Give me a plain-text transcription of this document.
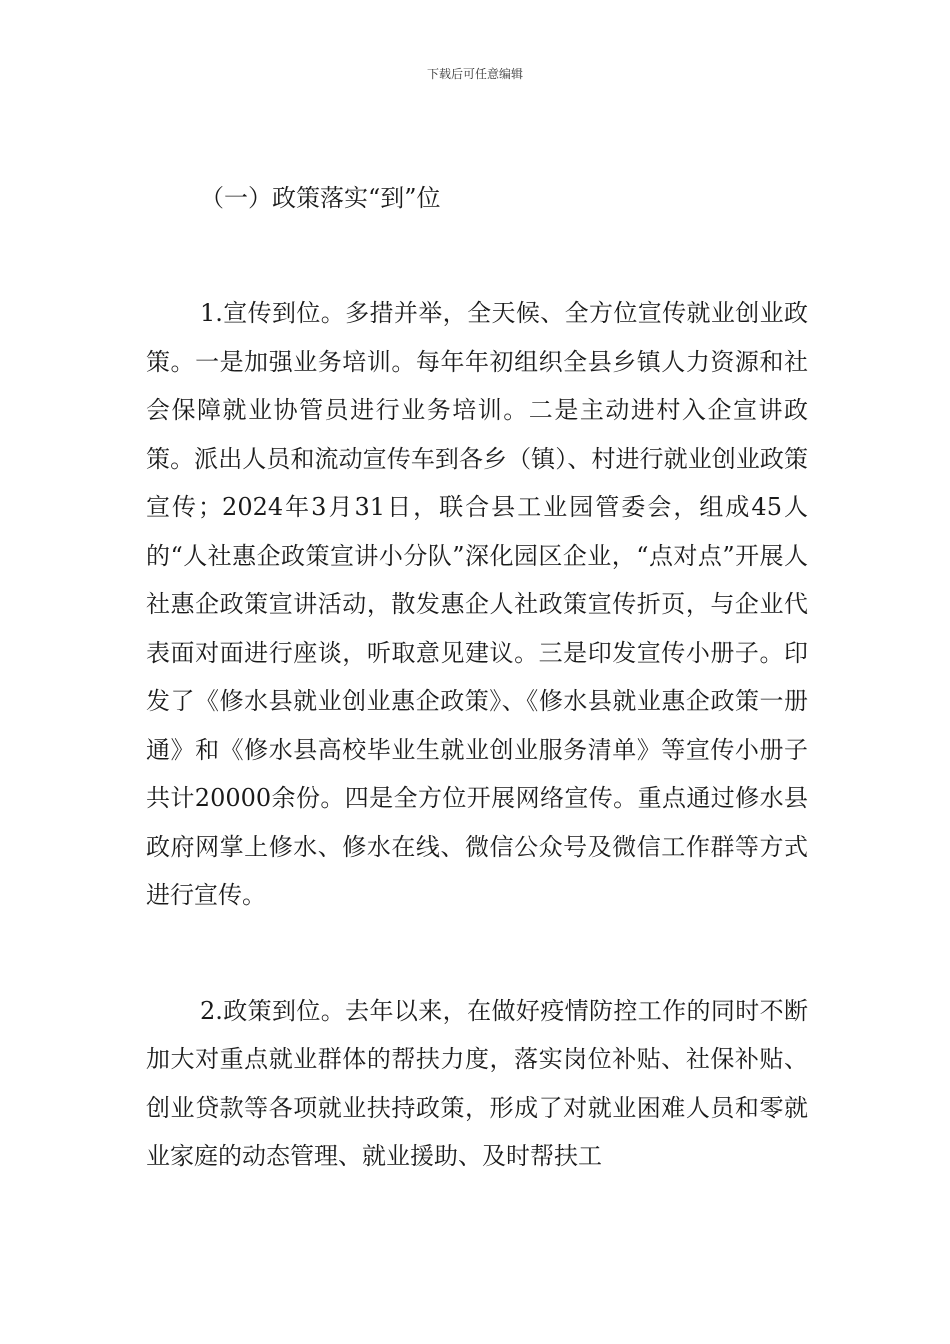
下载后可任意编辑
（一）政策落实“到”位

1.宣传到位。多措并举，全天候、全方位宣传就业创业政策。一是加强业务培训。每年年初组织全县乡镇人力资源和社会保障就业协管员进行业务培训。二是主动进村入企宣讲政策。派出人员和流动宣传车到各乡（镇）、村进行就业创业政策宣传；2024年3月31日，联合县工业园管委会，组成45人的“人社惠企政策宣讲小分队”深化园区企业，“点对点”开展人社惠企政策宣讲活动，散发惠企人社政策宣传折页，与企业代表面对面进行座谈，听取意见建议。三是印发宣传小册子。印发了《修水县就业创业惠企政策》、《修水县就业惠企政策一册通》和《修水县高校毕业生就业创业服务清单》等宣传小册子共计20000余份。四是全方位开展网络宣传。重点通过修水县政府网掌上修水、修水在线、微信公众号及微信工作群等方式进行宣传。

2.政策到位。去年以来，在做好疫情防控工作的同时不断加大对重点就业群体的帮扶力度，落实岗位补贴、社保补贴、创业贷款等各项就业扶持政策，形成了对就业困难人员和零就业家庭的动态管理、就业援助、及时帮扶工
